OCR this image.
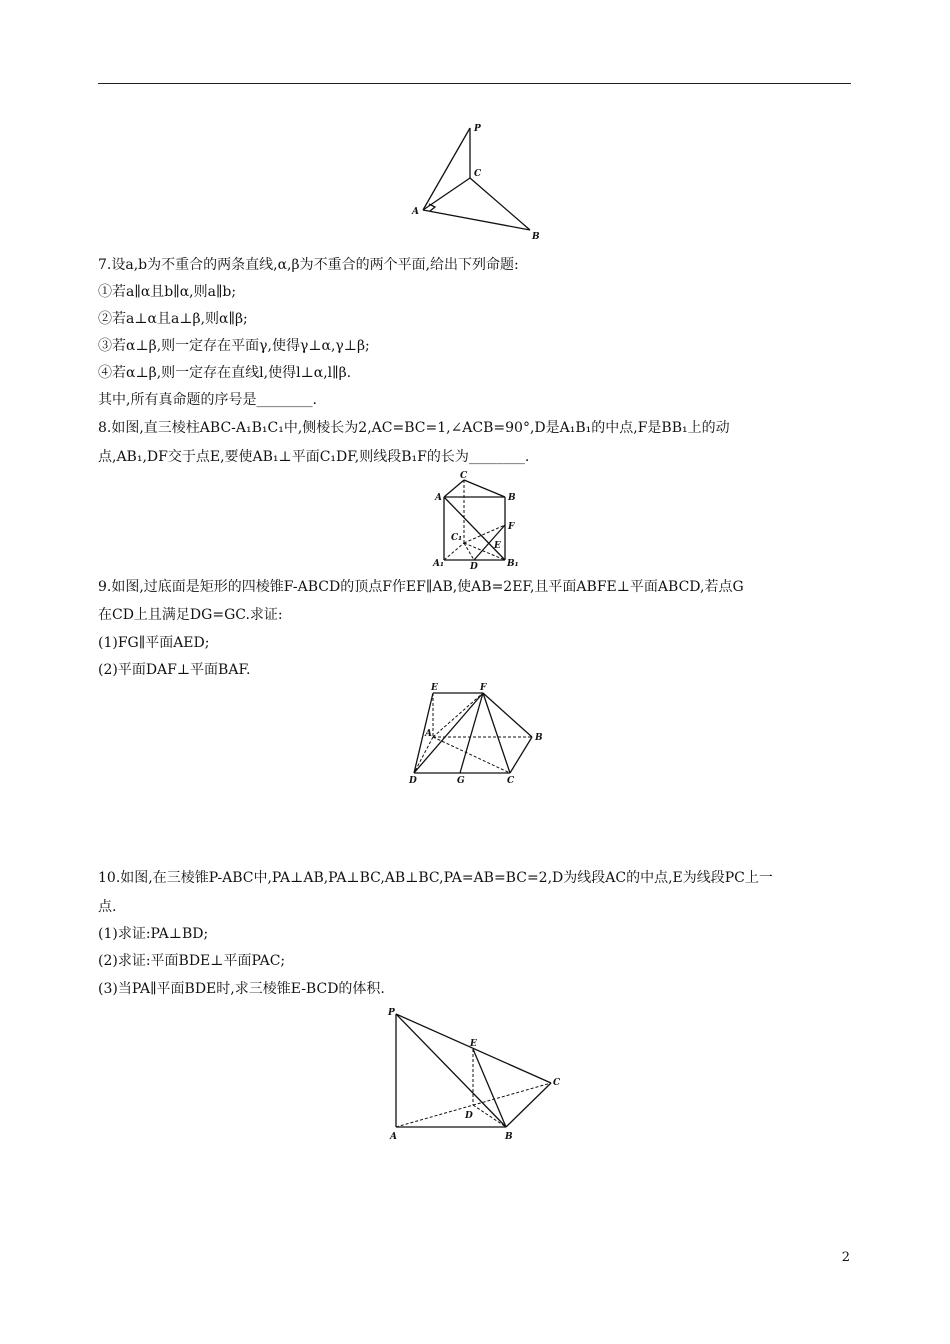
P
C
A
B
7.设a,b为不重合的两条直线,α,β为不重合的两个平面,给出下列命题:
①若a∥α且b∥α,则a∥b;
②若a⊥α且a⊥β,则α∥β;
③若α⊥β,则一定存在平面γ,使得γ⊥α,γ⊥β;
④若α⊥β,则一定存在直线l,使得l⊥α,l∥β.
其中,所有真命题的序号是________.
8.如图,直三棱柱ABC-A₁B₁C₁中,侧棱长为2,AC=BC=1,∠ACB=90°,D是A₁B₁的中点,F是BB₁上的动
点,AB₁,DF交于点E,要使AB₁⊥平面C₁DF,则线段B₁F的长为________.
A	B
C
C₁
F
E
A₁	D	B₁
9.如图,过底面是矩形的四棱锥F-ABCD的顶点F作EF∥AB,使AB=2EF,且平面ABFE⊥平面ABCD,若点G
在CD上且满足DG=GC.求证:
(1)FG∥平面AED;
(2)平面DAF⊥平面BAF.
E	F
A	B
D	G	C
10.如图,在三棱锥P-ABC中,PA⊥AB,PA⊥BC,AB⊥BC,PA=AB=BC=2,D为线段AC的中点,E为线段PC上一
点.
(1)求证:PA⊥BD;
(2)求证:平面BDE⊥平面PAC;
(3)当PA∥平面BDE时,求三棱锥E-BCD的体积.
P
E
C
D
A	B
2
